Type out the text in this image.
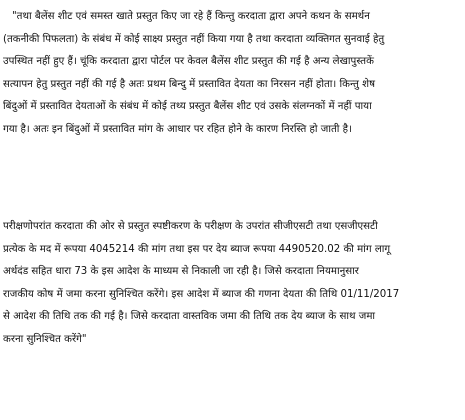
"तथा बैलेंस शीट एवं समस्त खाते प्रस्तुत किए जा रहे हैं किन्तु करदाता द्वारा अपने कथन के समर्थन
(तकनीकी पिफलता) के संबंध में कोई साक्ष्य प्रस्तुत नहीं किया गया है तथा करदाता व्यक्तिगत सुनवाई हेतु
उपस्थित नहीं हुए हैं। चूंकि करदाता द्वारा पोर्टल पर केवल बैलेंस शीट प्रस्तुत की गई है अन्य लेखापुस्तकें
सत्यापन हेतु प्रस्तुत नहीं की गई है अतः प्रथम बिन्दु में प्रस्तावित देयता का निरसन नहीं होता। किन्तु शेष
बिंदुओं में प्रस्तावित देयताओं के संबंध में कोई तथ्य प्रस्तुत बैलेंस शीट एवं उसके संलग्नकों में नहीं पाया
गया है। अतः इन बिंदुओं में प्रस्तावित मांग के आधार पर रहित होने के कारण निरस्ति हो जाती है।

परीक्षणोपरांत करदाता की ओर से प्रस्तुत स्पष्टीकरण के परीक्षण के उपरांत सीजीएसटी तथा एसजीएसटी
प्रत्येक के मद में रूपया 4045214 की मांग तथा इस पर देय ब्याज रूपया 4490520.02 की मांग लागू
अर्थदंड सहित धारा 73 के इस आदेश के माध्यम से निकाली जा रही है। जिसे करदाता नियमानुसार
राजकीय कोष में जमा करना सुनिश्चित करेंगे। इस आदेश में ब्याज की गणना देयता की तिथि 01/11/2017
से आदेश की तिथि तक की गई है। जिसे करदाता वास्तविक जमा की तिथि तक देय ब्याज के साथ जमा
करना सुनिश्चित करेंगे"
